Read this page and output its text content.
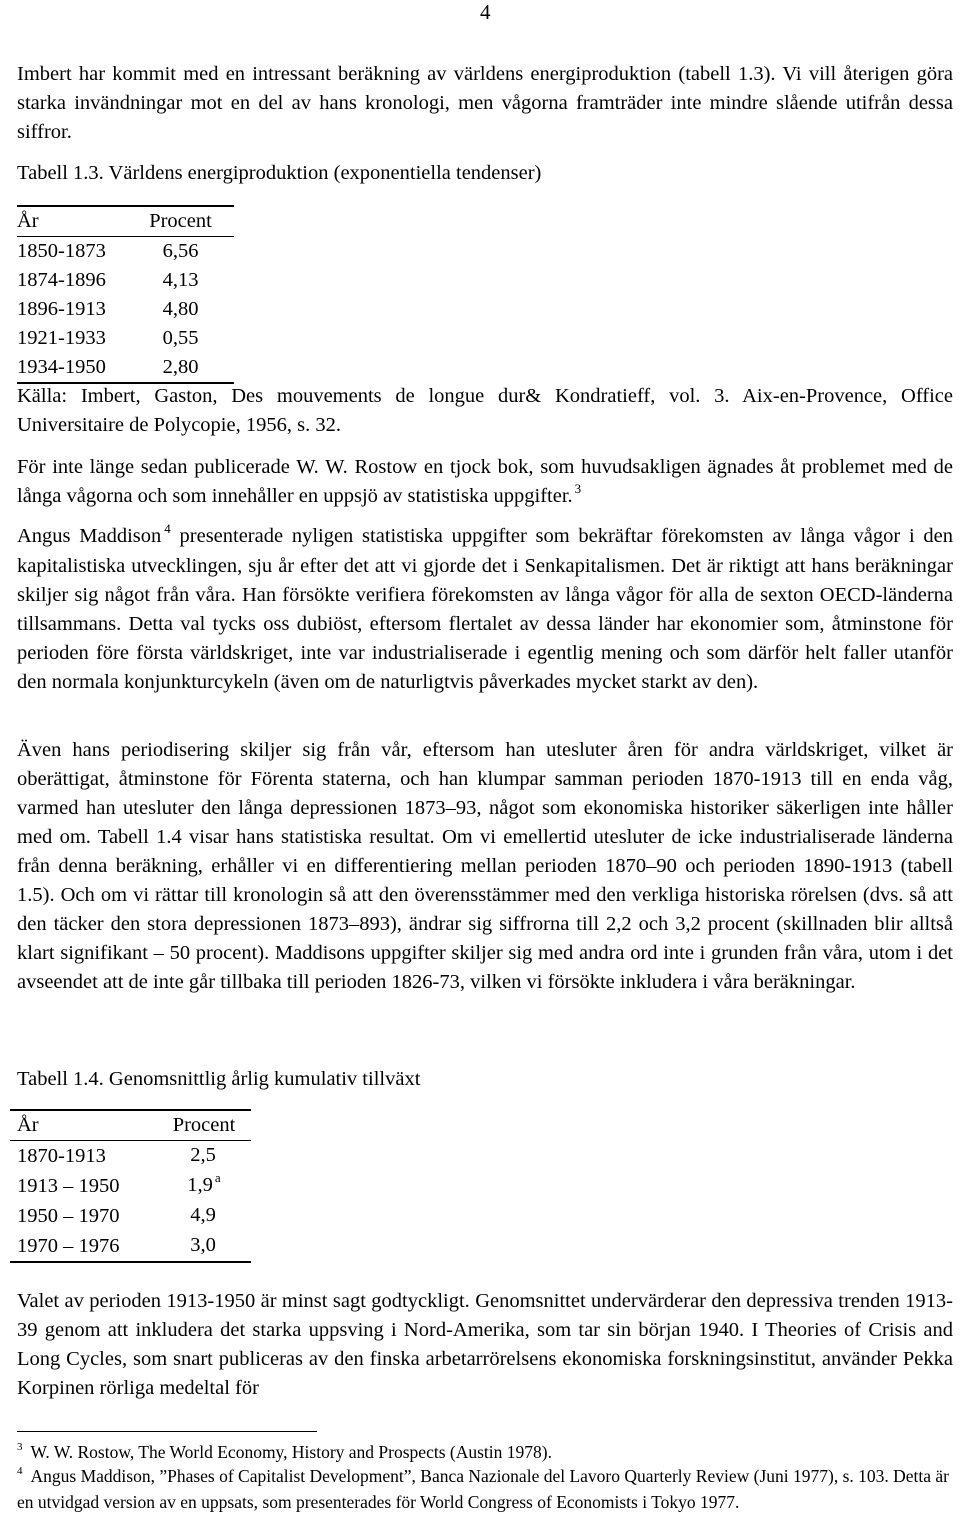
4

Imbert har kommit med en intressant beräkning av världens energiproduktion (tabell 1.3). Vi vill återigen göra starka invändningar mot en del av hans kronologi, men vågorna framträder inte mindre slående utifrån dessa siffror.

Tabell 1.3. Världens energiproduktion (exponentiella tendenser)
År	Procent
1850-1873	6,56
1874-1896	4,13
1896-1913	4,80
1921-1933	0,55
1934-1950	2,80

Källa: Imbert, Gaston, Des mouvements de longue dur& Kondratieff, vol. 3. Aix-en-Provence, Office Universitaire de Polycopie, 1956, s. 32.

För inte länge sedan publicerade W. W. Rostow en tjock bok, som huvudsakligen ägnades åt problemet med de långa vågorna och som innehåller en uppsjö av statistiska uppgifter. $^3$

Angus Maddison $^4$ presenterade nyligen statistiska uppgifter som bekräftar förekomsten av långa vågor i den kapitalistiska utvecklingen, sju år efter det att vi gjorde det i Senkapitalismen. Det är riktigt att hans beräkningar skiljer sig något från våra. Han försökte verifiera förekomsten av långa vågor för alla de sexton OECD-länderna tillsammans. Detta val tycks oss dubiöst, eftersom flertalet av dessa länder har ekonomier som, åtminstone för perioden före första världskriget, inte var industrialiserade i egentlig mening och som därför helt faller utanför den normala konjunkturcykeln (även om de naturligtvis påverkades mycket starkt av den).

Även hans periodisering skiljer sig från vår, eftersom han utesluter åren för andra världskriget, vilket är oberättigat, åtminstone för Förenta staterna, och han klumpar samman perioden 1870-1913 till en enda våg, varmed han utesluter den långa depressionen 1873–93, något som ekonomiska historiker säkerligen inte håller med om. Tabell 1.4 visar hans statistiska resultat. Om vi emellertid utesluter de icke industrialiserade länderna från denna beräkning, erhåller vi en differentiering mellan perioden 1870–90 och perioden 1890-1913 (tabell 1.5). Och om vi rättar till kronologin så att den överensstämmer med den verkliga historiska rörelsen (dvs. så att den täcker den stora depressionen 1873–893), ändrar sig siffrorna till 2,2 och 3,2 procent (skillnaden blir alltså klart signifikant – 50 procent). Maddisons uppgifter skiljer sig med andra ord inte i grunden från våra, utom i det avseendet att de inte går tillbaka till perioden 1826-73, vilken vi försökte inkludera i våra beräkningar.

Tabell 1.4. Genomsnittlig årlig kumulativ tillväxt
År	Procent
1870-1913	2,5
1913 – 1950	1,9 $^a$
1950 – 1970	4,9
1970 – 1976	3,0

Valet av perioden 1913-1950 är minst sagt godtyckligt. Genomsnittet undervärderar den depressiva trenden 1913-39 genom att inkludera det starka uppsving i Nord-Amerika, som tar sin början 1940. I Theories of Crisis and Long Cycles, som snart publiceras av den finska arbetarrörelsens ekonomiska forskningsinstitut, använder Pekka Korpinen rörliga medeltal för

$^3$ W. W. Rostow, The World Economy, History and Prospects (Austin 1978).

$^4$ Angus Maddison, ”Phases of Capitalist Development”, Banca Nazionale del Lavoro Quarterly Review (Juni 1977), s. 103. Detta är en utvidgad version av en uppsats, som presenterades för World Congress of Economists i Tokyo 1977.
